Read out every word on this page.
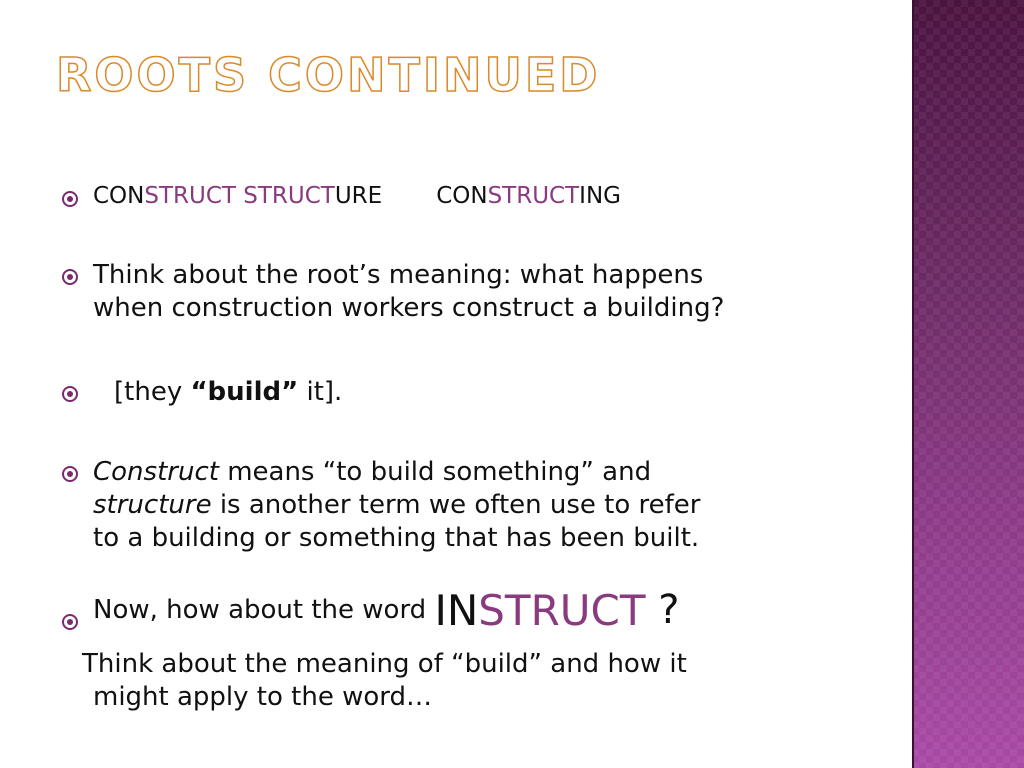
ROOTS CONTINUED
CONSTRUCT STRUCTURE CONSTRUCTING
Think about the root’s meaning: what happens
when construction workers construct a building?
[they “build” it].
Construct means “to build something” and
structure is another term we often use to refer
to a building or something that has been built.
Now, how about the word INSTRUCT ?
Think about the meaning of “build” and how it
might apply to the word…
